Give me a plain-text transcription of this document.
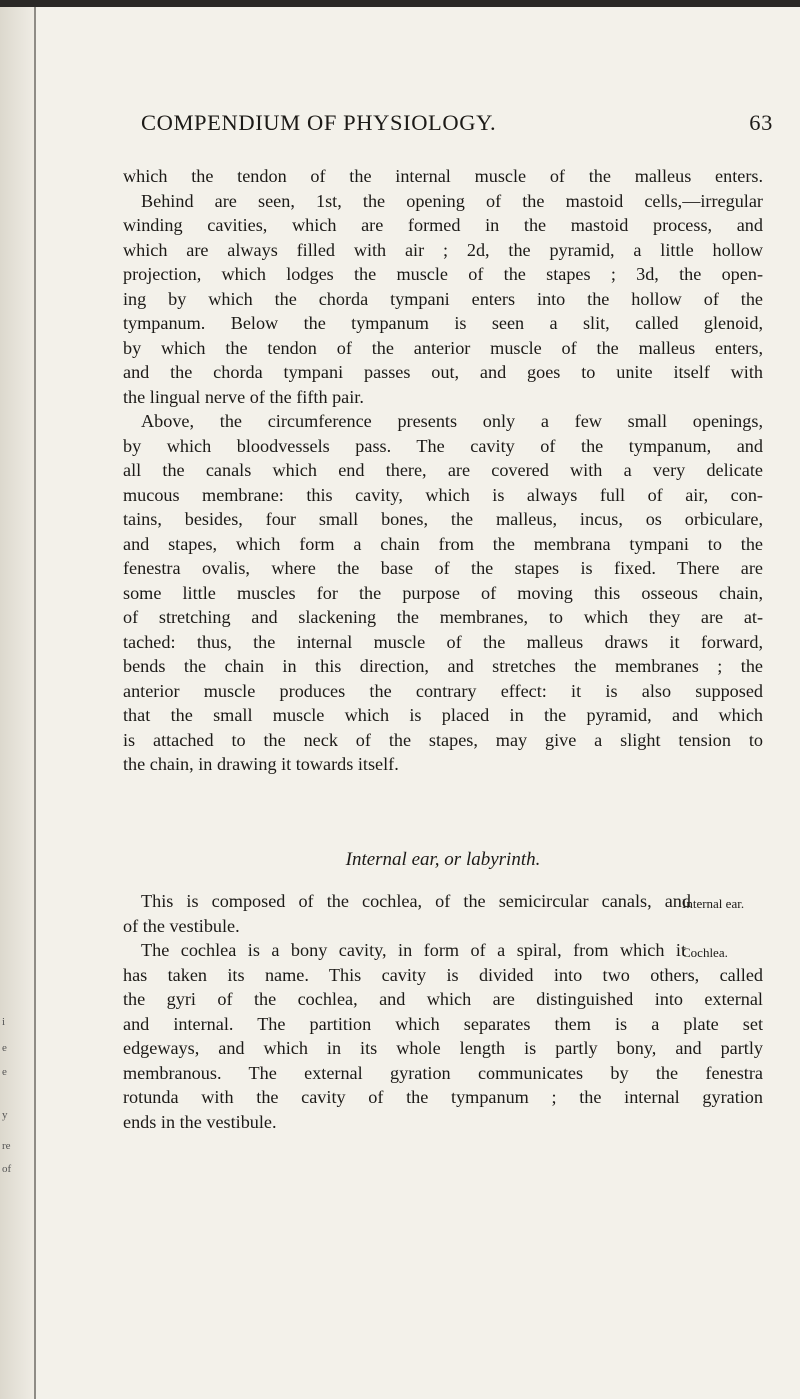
i
e
e
y
re
of
COMPENDIUM OF PHYSIOLOGY.	63
which the tendon of the internal muscle of the malleus enters.
Behind are seen, 1st, the opening of the mastoid cells,—irregular
winding cavities, which are formed in the mastoid process, and
which are always filled with air ; 2d, the pyramid, a little hollow
projection, which lodges the muscle of the stapes ; 3d, the open-
ing by which the chorda tympani enters into the hollow of the
tympanum. Below the tympanum is seen a slit, called glenoid,
by which the tendon of the anterior muscle of the malleus enters,
and the chorda tympani passes out, and goes to unite itself with
the lingual nerve of the fifth pair.
Above, the circumference presents only a few small openings,
by which bloodvessels pass. The cavity of the tympanum, and
all the canals which end there, are covered with a very delicate
mucous membrane: this cavity, which is always full of air, con-
tains, besides, four small bones, the malleus, incus, os orbiculare,
and stapes, which form a chain from the membrana tympani to the
fenestra ovalis, where the base of the stapes is fixed. There are
some little muscles for the purpose of moving this osseous chain,
of stretching and slackening the membranes, to which they are at-
tached: thus, the internal muscle of the malleus draws it forward,
bends the chain in this direction, and stretches the membranes ; the
anterior muscle produces the contrary effect: it is also supposed
that the small muscle which is placed in the pyramid, and which
is attached to the neck of the stapes, may give a slight tension to
the chain, in drawing it towards itself.
Internal ear, or labyrinth.
This is composed of the cochlea, of the semicircular canals, and
of the vestibule.
The cochlea is a bony cavity, in form of a spiral, from which it
has taken its name. This cavity is divided into two others, called
the gyri of the cochlea, and which are distinguished into external
and internal. The partition which separates them is a plate set
edgeways, and which in its whole length is partly bony, and partly
membranous. The external gyration communicates by the fenestra
rotunda with the cavity of the tympanum ; the internal gyration
ends in the vestibule.
Internal ear.
Cochlea.
